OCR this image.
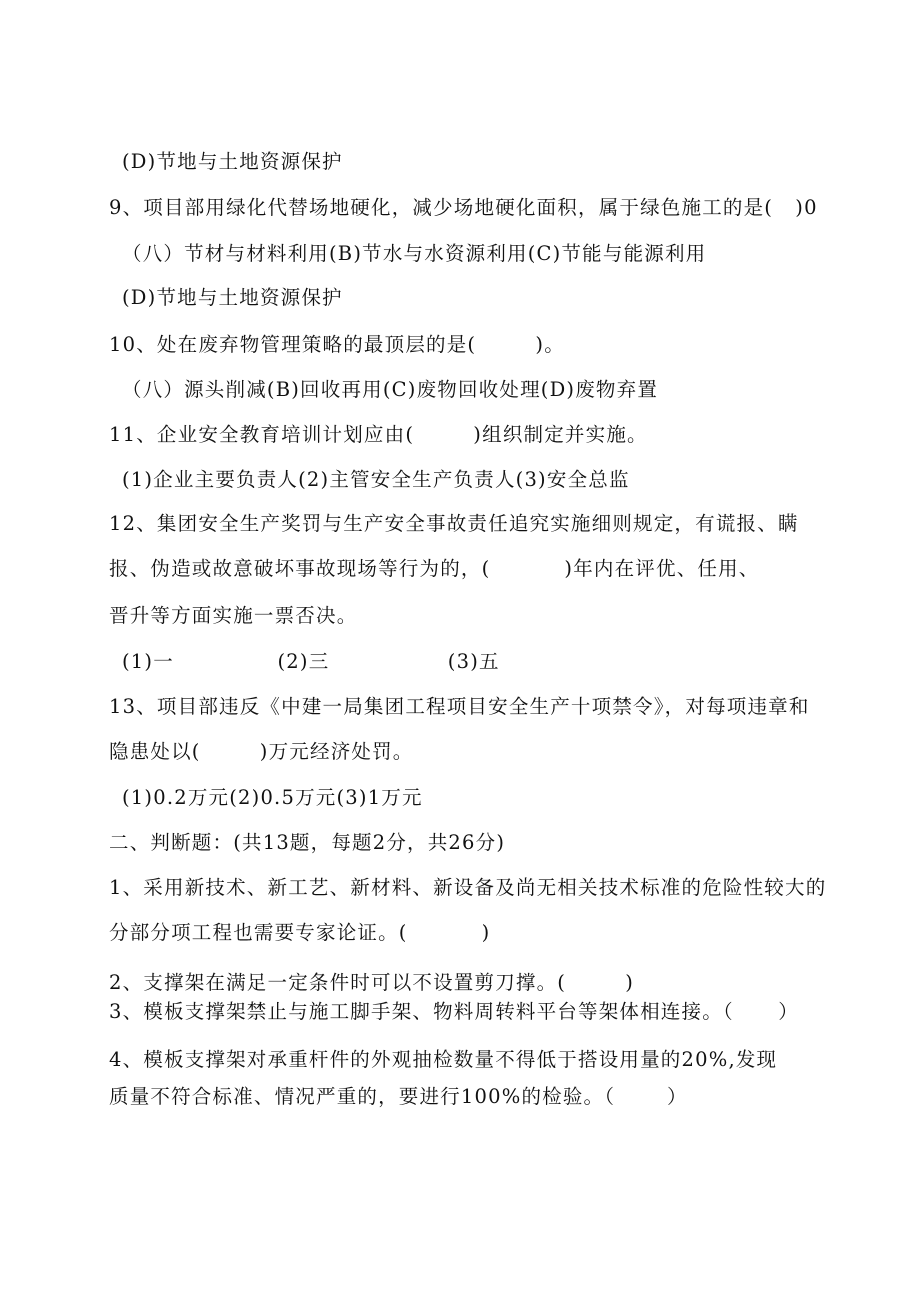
(D)节地与土地资源保护
9、项目部用绿化代替场地硬化，减少场地硬化面积，属于绿色施工的是(   )0
（八）节材与材料利用(B)节水与水资源利用(C)节能与能源利用
(D)节地与土地资源保护
10、处在废弃物管理策略的最顶层的是(        )。
（八）源头削减(B)回收再用(C)废物回收处理(D)废物弃置
11、企业安全教育培训计划应由(        )组织制定并实施。
(1)企业主要负责人(2)主管安全生产负责人(3)安全总监
12、集团安全生产奖罚与生产安全事故责任追究实施细则规定，有谎报、瞒
报、伪造或故意破坏事故现场等行为的，(          )年内在评优、任用、
晋升等方面实施一票否决。
(1)一              (2)三                (3)五
13、项目部违反《中建一局集团工程项目安全生产十项禁令》，对每项违章和
隐患处以(        )万元经济处罚。
(1)0.2万元(2)0.5万元(3)1万元
二、判断题：(共13题，每题2分，共26分)
1、采用新技术、新工艺、新材料、新设备及尚无相关技术标准的危险性较大的
分部分项工程也需要专家论证。(          )
2、支撑架在满足一定条件时可以不设置剪刀撑。(        )
3、模板支撑架禁止与施工脚手架、物料周转料平台等架体相连接。（      ）
4、模板支撑架对承重杆件的外观抽检数量不得低于搭设用量的20%,发现
质量不符合标准、情况严重的，要进行100%的检验。（       ）
